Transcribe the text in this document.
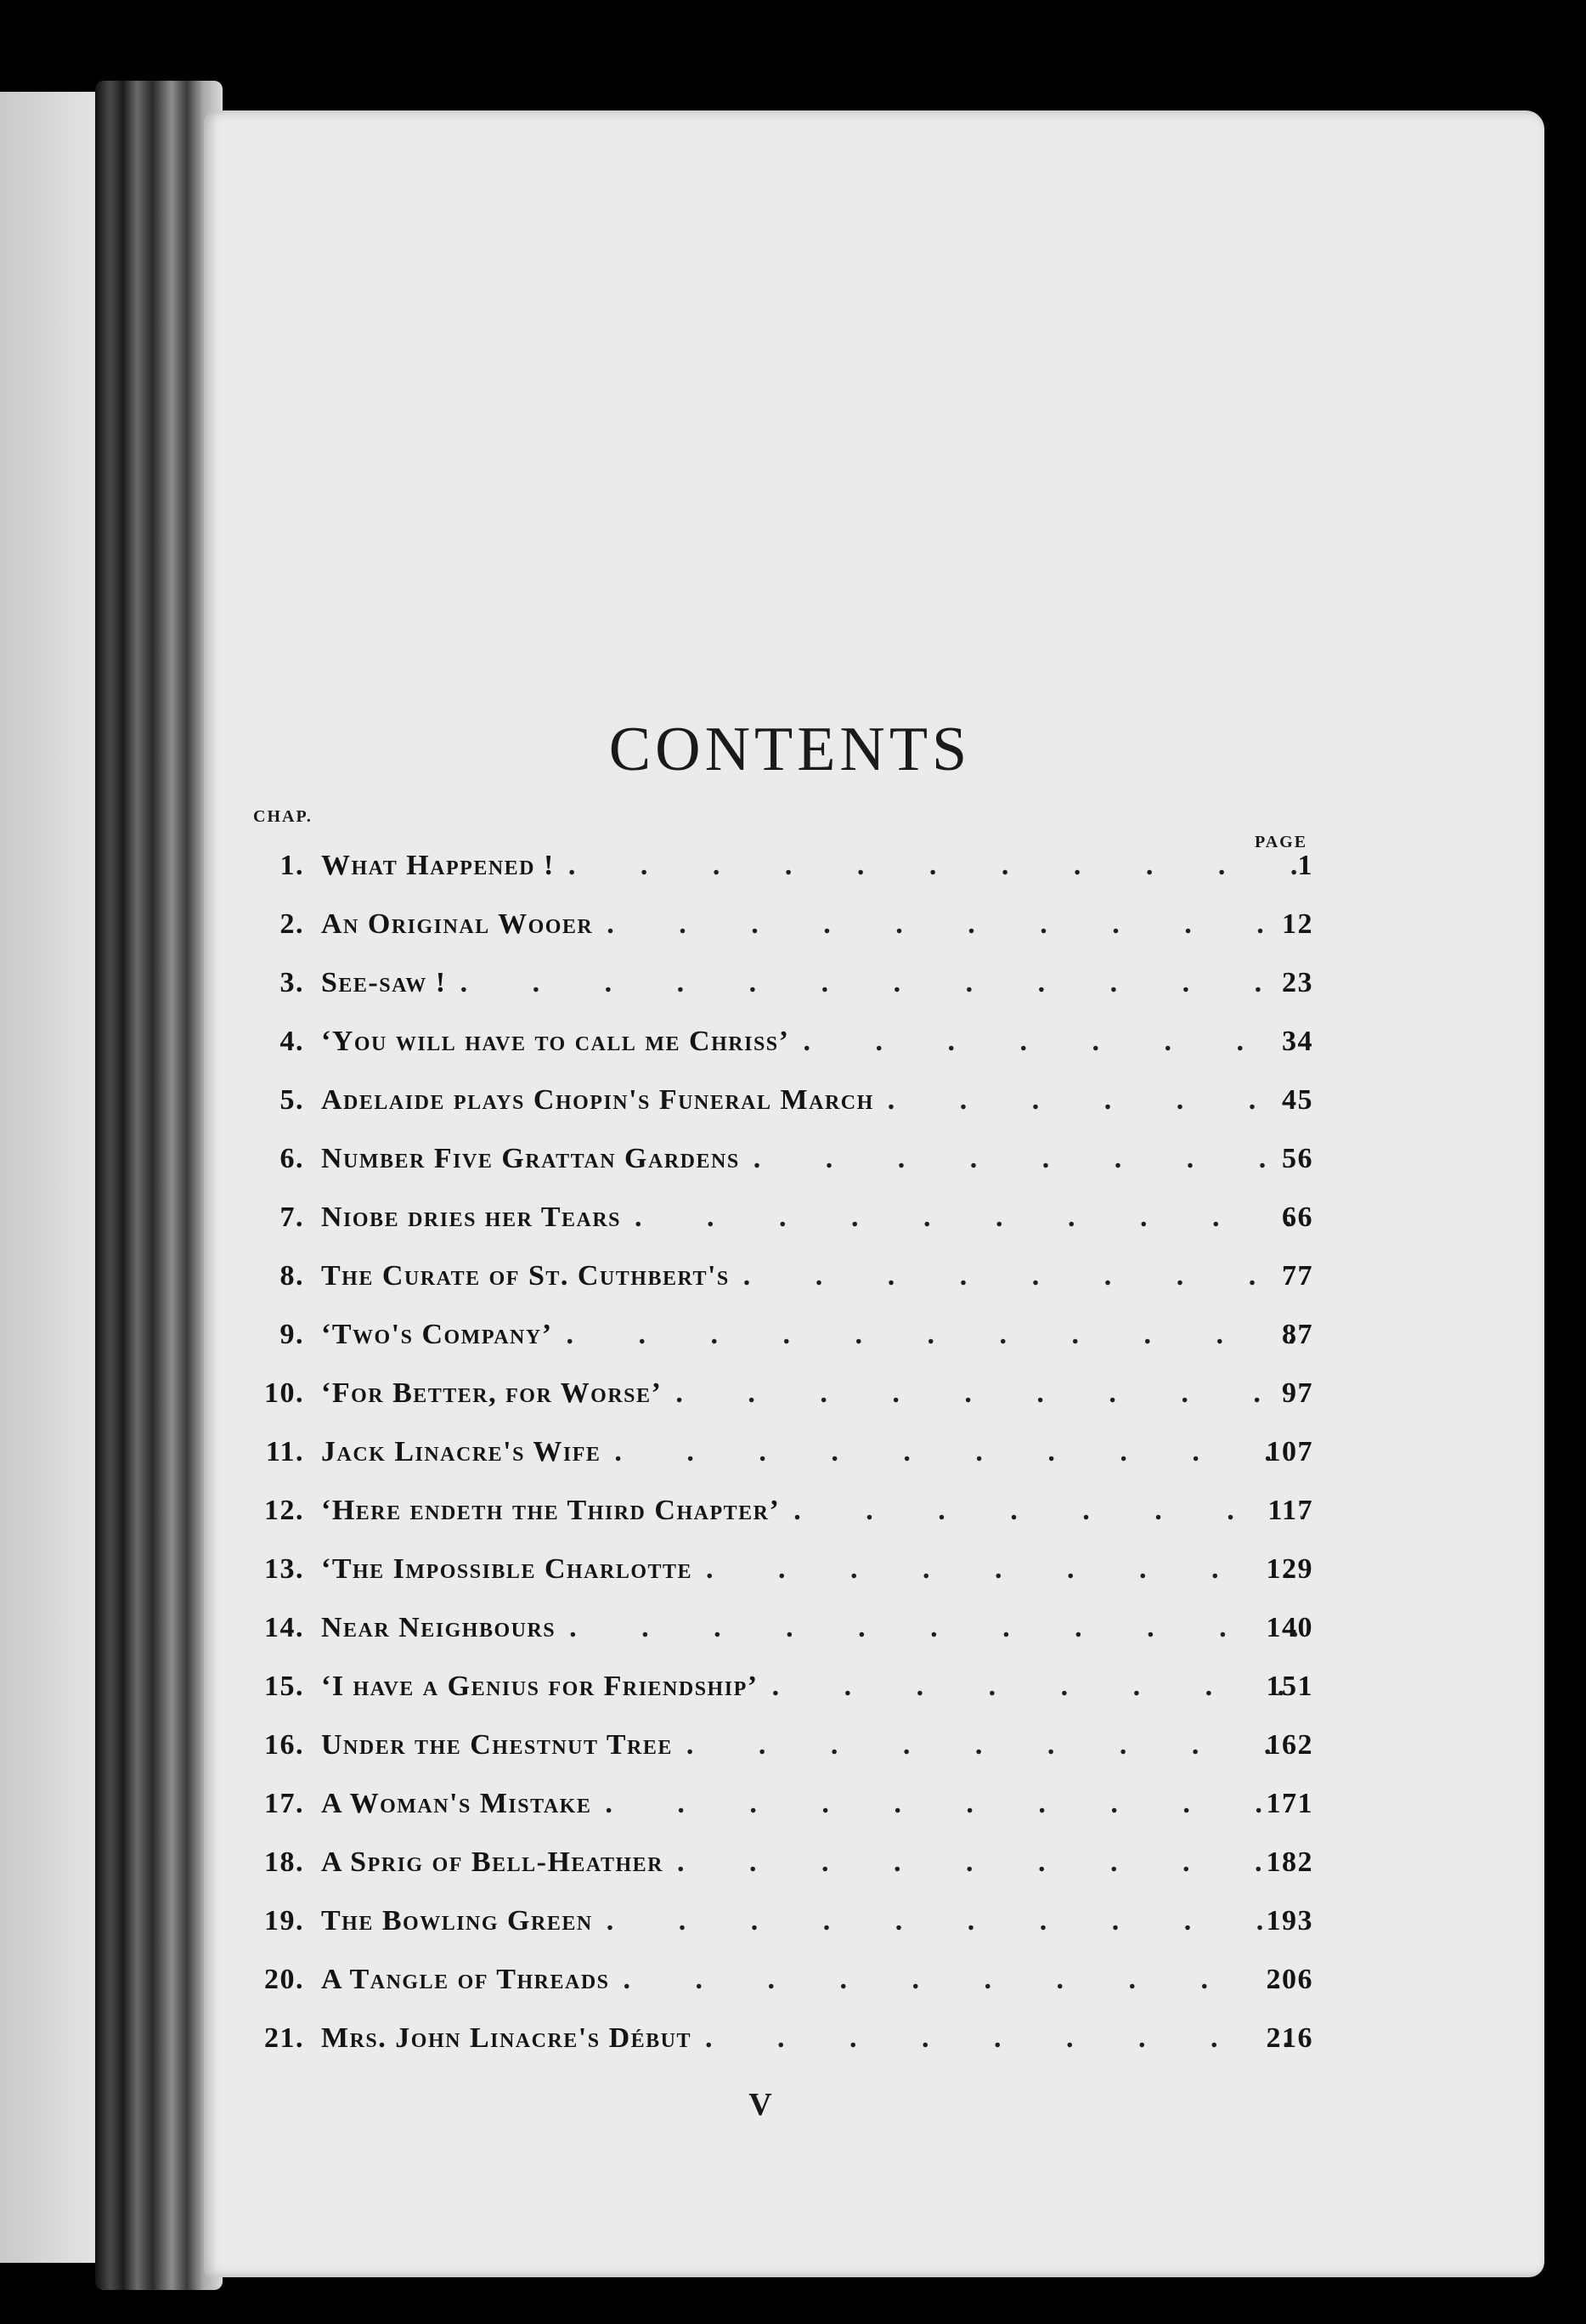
CONTENTS
CHAP.
PAGE
1. What Happened ! . . .	1
2. An Original Wooer . . .	12
3. See-saw ! . . .	23
4. ‘You will have to call me Chriss’ . . .	34
5. Adelaide plays Chopin's Funeral March . . .	45
6. Number Five Grattan Gardens . . .	56
7. Niobe dries her Tears . . .	66
8. The Curate of St. Cuthbert's . . .	77
9. ‘Two's Company’ . . .	87
10. ‘For Better, for Worse’ . . .	97
11. Jack Linacre's Wife . . .	107
12. ‘Here endeth the Third Chapter’ . . .	117
13. ‘The Impossible Charlotte . . .	129
14. Near Neighbours . . .	140
15. ‘I have a Genius for Friendship’ . . .	151
16. Under the Chestnut Tree . . .	162
17. A Woman's Mistake . . .	171
18. A Sprig of Bell-Heather . . .	182
19. The Bowling Green . . .	193
20. A Tangle of Threads . . .	206
21. Mrs. John Linacre's Début . . .	216
V
